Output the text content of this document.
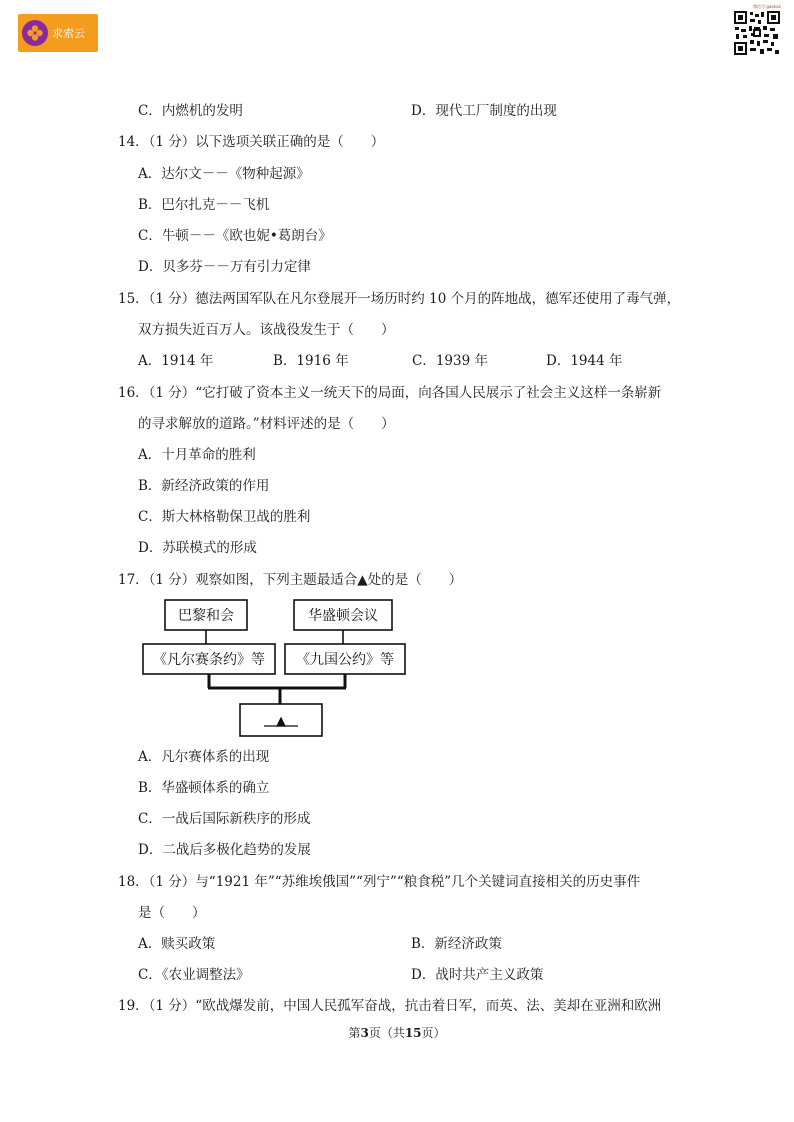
求索云
微信号:gaokao
C．内燃机的发明	D．现代工厂制度的出现
14．（1 分）以下选项关联正确的是（　　）
A．达尔文－－《物种起源》
B．巴尔扎克－－飞机
C．牛顿－－《欧也妮•葛朗台》
D．贝多芬－－万有引力定律
15．（1 分）德法两国军队在凡尔登展开一场历时约 10 个月的阵地战，德军还使用了毒气弹，
双方损失近百万人。该战役发生于（　　）
A．1914 年	B．1916 年	C．1939 年	D．1944 年
16．（1 分）“它打破了资本主义一统天下的局面，向各国人民展示了社会主义这样一条崭新
的寻求解放的道路。”材料评述的是（　　）
A．十月革命的胜利
B．新经济政策的作用
C．斯大林格勒保卫战的胜利
D．苏联模式的形成
17．（1 分）观察如图，下列主题最适合▲处的是（　　）
巴黎和会	华盛顿会议
《凡尔赛条约》等 《九国公约》等
▲
A．凡尔赛体系的出现
B．华盛顿体系的确立
C．一战后国际新秩序的形成
D．二战后多极化趋势的发展
18．（1 分）与“1921 年”“苏维埃俄国”“列宁”“粮食税”几个关键词直接相关的历史事件
是（　　）
A．赎买政策	B．新经济政策
C．《农业调整法》	D．战时共产主义政策
19．（1 分）“欧战爆发前，中国人民孤军奋战，抗击着日军，而英、法、美却在亚洲和欧洲
第3页（共15页）
